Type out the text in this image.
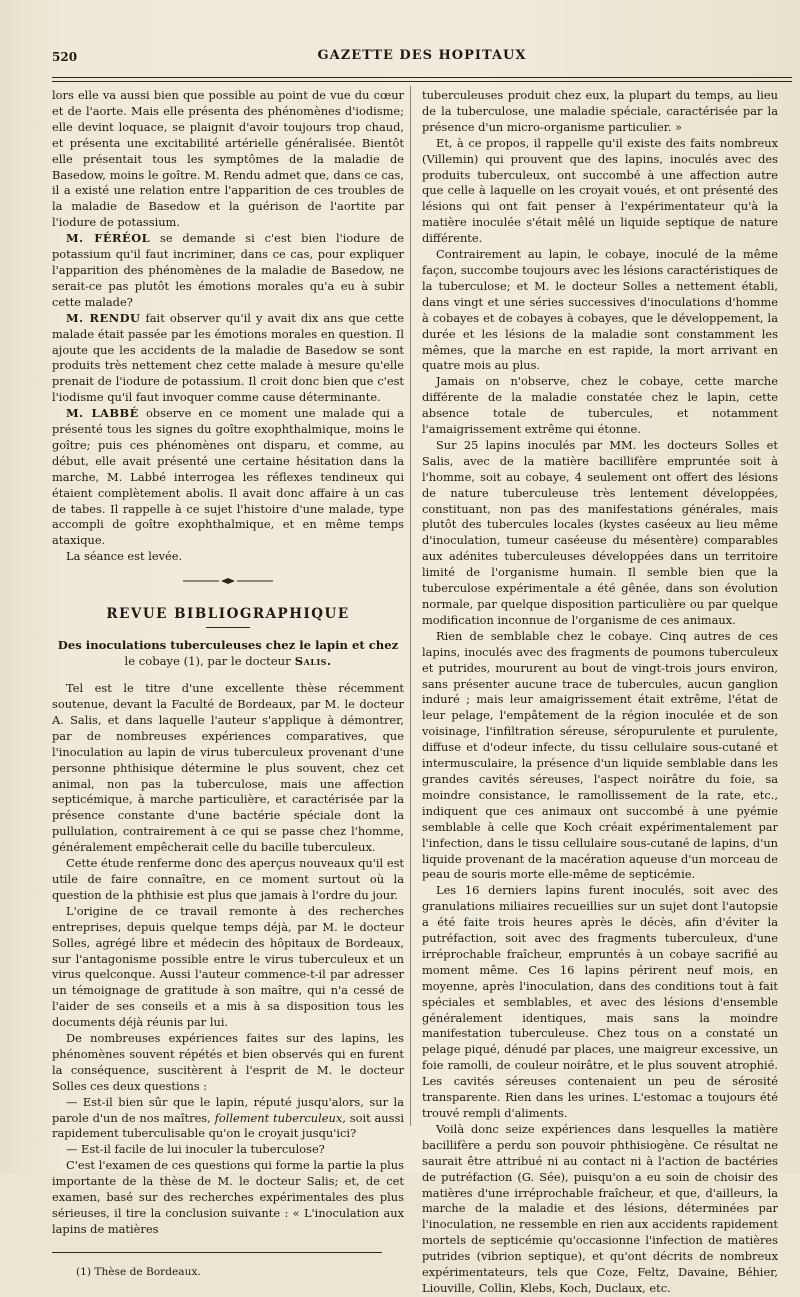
520	GAZETTE DES HOPITAUX

lors elle va aussi bien que possible au point de vue du cœur et de l'aorte. Mais elle présenta des phénomènes d'iodisme; elle devint loquace, se plaignit d'avoir toujours trop chaud, et présenta une excitabilité artérielle généralisée. Bientôt elle présentait tous les symptômes de la maladie de Basedow, moins le goître. M. Rendu admet que, dans ce cas, il a existé une relation entre l'apparition de ces troubles de la maladie de Basedow et la guérison de l'aortite par l'iodure de potassium.

M. FÉRÉOL se demande si c'est bien l'iodure de potassium qu'il faut incriminer, dans ce cas, pour expliquer l'apparition des phénomènes de la maladie de Basedow, ne serait-ce pas plutôt les émotions morales qu'a eu à subir cette malade?

M. RENDU fait observer qu'il y avait dix ans que cette malade était passée par les émotions morales en question. Il ajoute que les accidents de la maladie de Basedow se sont produits très nettement chez cette malade à mesure qu'elle prenait de l'iodure de potassium. Il croit donc bien que c'est l'iodisme qu'il faut invoquer comme cause déterminante.

M. LABBÉ observe en ce moment une malade qui a présenté tous les signes du goître exophthalmique, moins le goître; puis ces phénomènes ont disparu, et comme, au début, elle avait présenté une certaine hésitation dans la marche, M. Labbé interrogea les réflexes tendineux qui étaient complètement abolis. Il avait donc affaire à un cas de tabes. Il rappelle à ce sujet l'histoire d'une malade, type accompli de goître exophthalmique, et en même temps ataxique.

La séance est levée.

REVUE BIBLIOGRAPHIQUE
Des inoculations tuberculeuses chez le lapin et chez
le cobaye (1), par le docteur Salis.

Tel est le titre d'une excellente thèse récemment soutenue, devant la Faculté de Bordeaux, par M. le docteur A. Salis, et dans laquelle l'auteur s'applique à démontrer, par de nombreuses expériences comparatives, que l'inoculation au lapin de virus tuberculeux provenant d'une personne phthisique détermine le plus souvent, chez cet animal, non pas la tuberculose, mais une affection septicémique, à marche particulière, et caractérisée par la présence constante d'une bactérie spéciale dont la pullulation, contrairement à ce qui se passe chez l'homme, généralement empêcherait celle du bacille tuberculeux.

Cette étude renferme donc des aperçus nouveaux qu'il est utile de faire connaître, en ce moment surtout où la question de la phthisie est plus que jamais à l'ordre du jour.

L'origine de ce travail remonte à des recherches entreprises, depuis quelque temps déjà, par M. le docteur Solles, agrégé libre et médecin des hôpitaux de Bordeaux, sur l'antagonisme possible entre le virus tuberculeux et un virus quelconque. Aussi l'auteur commence-t-il par adresser un témoignage de gratitude à son maître, qui n'a cessé de l'aider de ses conseils et a mis à sa disposition tous les documents déjà réunis par lui.

De nombreuses expériences faites sur des lapins, les phénomènes souvent répétés et bien observés qui en furent la conséquence, suscitèrent à l'esprit de M. le docteur Solles ces deux questions :

— Est-il bien sûr que le lapin, réputé jusqu'alors, sur la parole d'un de nos maîtres, follement tuberculeux, soit aussi rapidement tuberculisable qu'on le croyait jusqu'ici?

— Est-il facile de lui inoculer la tuberculose?

C'est l'examen de ces questions qui forme la partie la plus importante de la thèse de M. le docteur Salis; et, de cet examen, basé sur des recherches expérimentales des plus sérieuses, il tire la conclusion suivante : « L'inoculation aux lapins de matières

(1) Thèse de Bordeaux.

tuberculeuses produit chez eux, la plupart du temps, au lieu de la tuberculose, une maladie spéciale, caractérisée par la présence d'un micro-organisme particulier. »

Et, à ce propos, il rappelle qu'il existe des faits nombreux (Villemin) qui prouvent que des lapins, inoculés avec des produits tuberculeux, ont succombé à une affection autre que celle à laquelle on les croyait voués, et ont présenté des lésions qui ont fait penser à l'expérimentateur qu'à la matière inoculée s'était mêlé un liquide septique de nature différente.

Contrairement au lapin, le cobaye, inoculé de la même façon, succombe toujours avec les lésions caractéristiques de la tuberculose; et M. le docteur Solles a nettement établi, dans vingt et une séries successives d'inoculations d'homme à cobayes et de cobayes à cobayes, que le développement, la durée et les lésions de la maladie sont constamment les mêmes, que la marche en est rapide, la mort arrivant en quatre mois au plus.

Jamais on n'observe, chez le cobaye, cette marche différente de la maladie constatée chez le lapin, cette absence totale de tubercules, et notamment l'amaigrissement extrême qui étonne.

Sur 25 lapins inoculés par MM. les docteurs Solles et Salis, avec de la matière bacillifère empruntée soit à l'homme, soit au cobaye, 4 seulement ont offert des lésions de nature tuberculeuse très lentement développées, constituant, non pas des manifestations générales, mais plutôt des tubercules locales (kystes caséeux au lieu même d'inoculation, tumeur caséeuse du mésentère) comparables aux adénites tuberculeuses développées dans un territoire limité de l'organisme humain. Il semble bien que la tuberculose expérimentale a été gênée, dans son évolution normale, par quelque disposition particulière ou par quelque modification inconnue de l'organisme de ces animaux.

Rien de semblable chez le cobaye. Cinq autres de ces lapins, inoculés avec des fragments de poumons tuberculeux et putrides, moururent au bout de vingt-trois jours environ, sans présenter aucune trace de tubercules, aucun ganglion induré ; mais leur amaigrissement était extrême, l'état de leur pelage, l'empâtement de la région inoculée et de son voisinage, l'infiltration séreuse, séropurulente et purulente, diffuse et d'odeur infecte, du tissu cellulaire sous-cutané et intermusculaire, la présence d'un liquide semblable dans les grandes cavités séreuses, l'aspect noirâtre du foie, sa moindre consistance, le ramollissement de la rate, etc., indiquent que ces animaux ont succombé à une pyémie semblable à celle que Koch créait expérimentalement par l'infection, dans le tissu cellulaire sous-cutané de lapins, d'un liquide provenant de la macération aqueuse d'un morceau de peau de souris morte elle-même de septicémie.

Les 16 derniers lapins furent inoculés, soit avec des granulations miliaires recueillies sur un sujet dont l'autopsie a été faite trois heures après le décès, afin d'éviter la putréfaction, soit avec des fragments tuberculeux, d'une irréprochable fraîcheur, empruntés à un cobaye sacrifié au moment même. Ces 16 lapins périrent neuf mois, en moyenne, après l'inoculation, dans des conditions tout à fait spéciales et semblables, et avec des lésions d'ensemble généralement identiques, mais sans la moindre manifestation tuberculeuse. Chez tous on a constaté un pelage piqué, dénudé par places, une maigreur excessive, un foie ramolli, de couleur noirâtre, et le plus souvent atrophié. Les cavités séreuses contenaient un peu de sérosité transparente. Rien dans les urines. L'estomac a toujours été trouvé rempli d'aliments.

Voilà donc seize expériences dans lesquelles la matière bacillifère a perdu son pouvoir phthisiogène. Ce résultat ne saurait être attribué ni au contact ni à l'action de bactéries de putréfaction (G. Sée), puisqu'on a eu soin de choisir des matières d'une irréprochable fraîcheur, et que, d'ailleurs, la marche de la maladie et des lésions, déterminées par l'inoculation, ne ressemble en rien aux accidents rapidement mortels de septicémie qu'occasionne l'infection de matières putrides (vibrion septique), et qu'ont décrits de nombreux expérimentateurs, tels que Coze, Feltz, Davaine, Béhier, Liouville, Collin, Klebs, Koch, Duclaux, etc.
